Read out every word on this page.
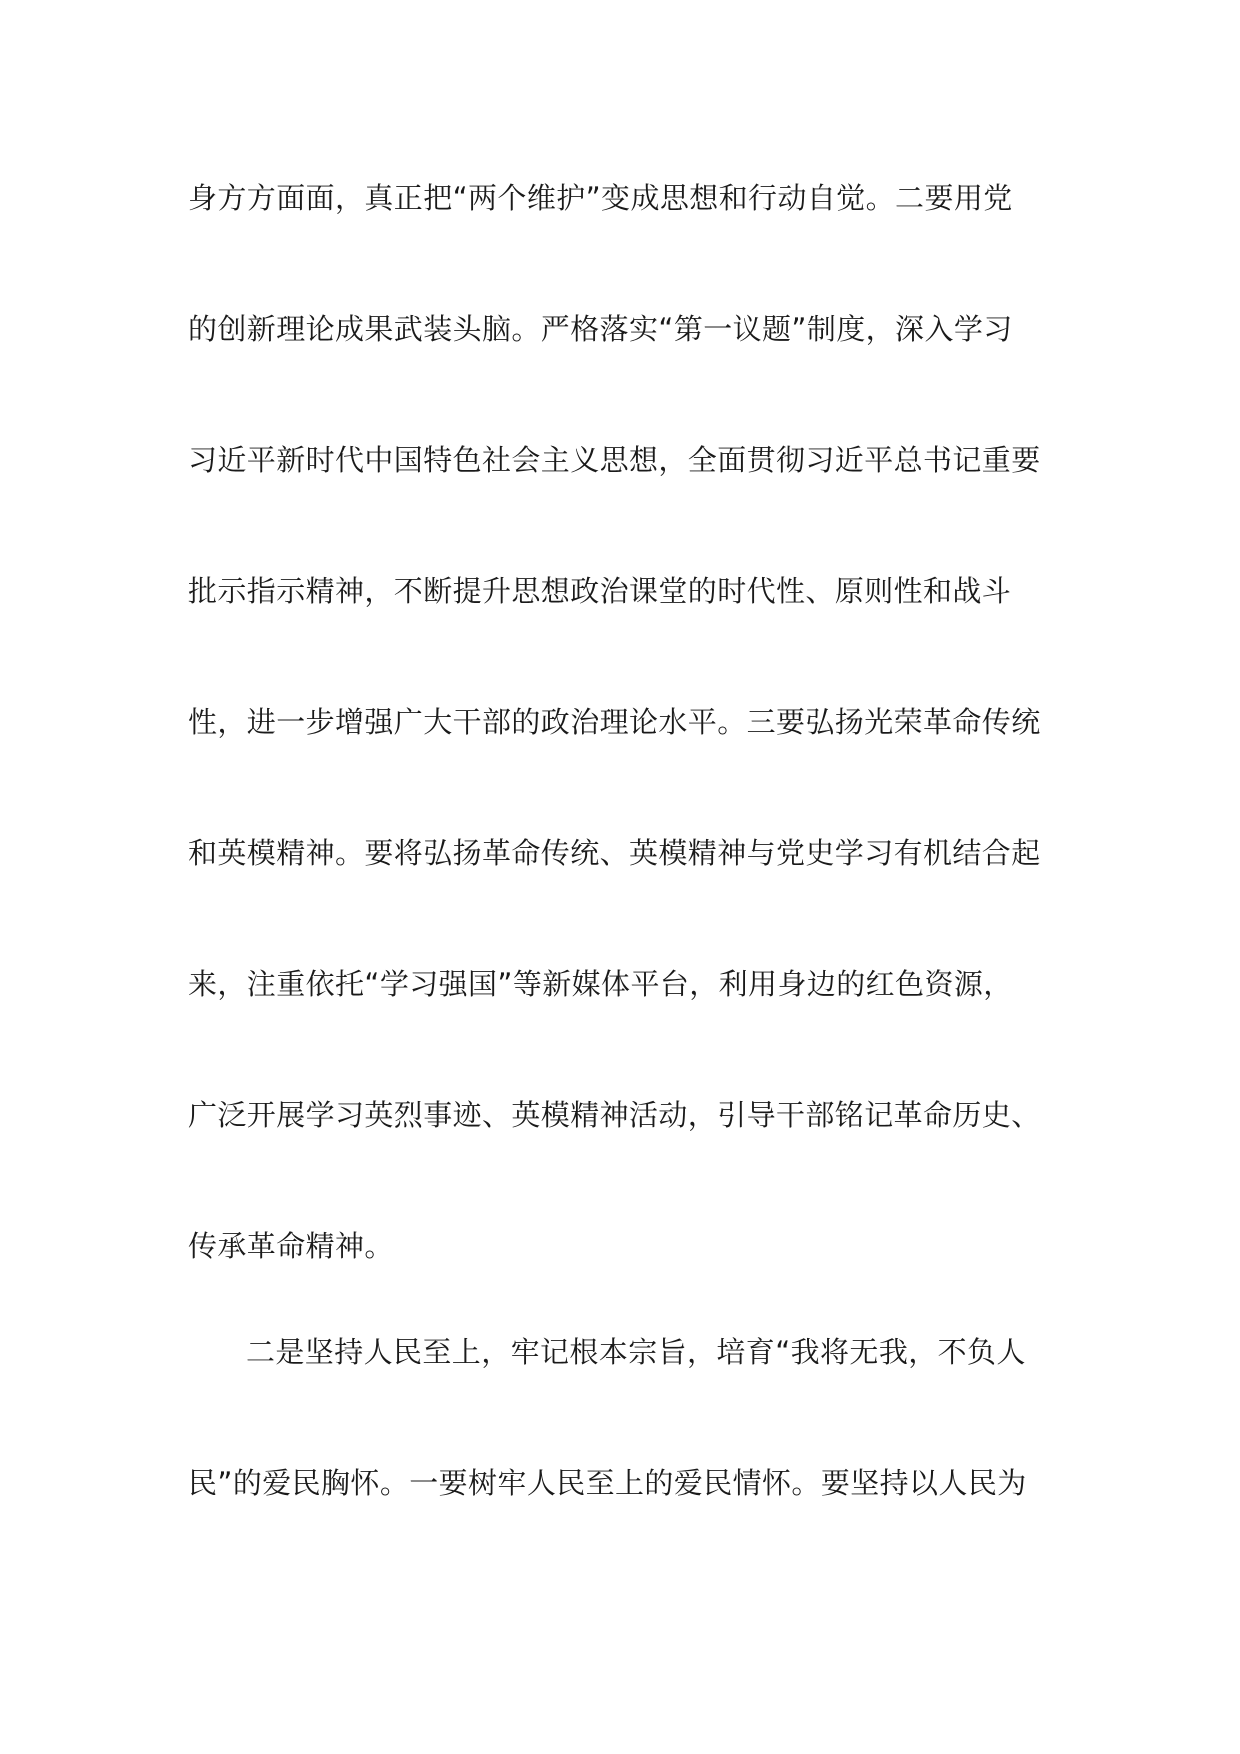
身方方面面，真正把“两个维护”变成思想和行动自觉。二要用党
的创新理论成果武装头脑。严格落实“第一议题”制度，深入学习
习近平新时代中国特色社会主义思想，全面贯彻习近平总书记重要
批示指示精神，不断提升思想政治课堂的时代性、原则性和战斗
性，进一步增强广大干部的政治理论水平。三要弘扬光荣革命传统
和英模精神。要将弘扬革命传统、英模精神与党史学习有机结合起
来，注重依托“学习强国”等新媒体平台，利用身边的红色资源，
广泛开展学习英烈事迹、英模精神活动，引导干部铭记革命历史、
传承革命精神。
二是坚持人民至上，牢记根本宗旨，培育“我将无我，不负人
民”的爱民胸怀。一要树牢人民至上的爱民情怀。要坚持以人民为
